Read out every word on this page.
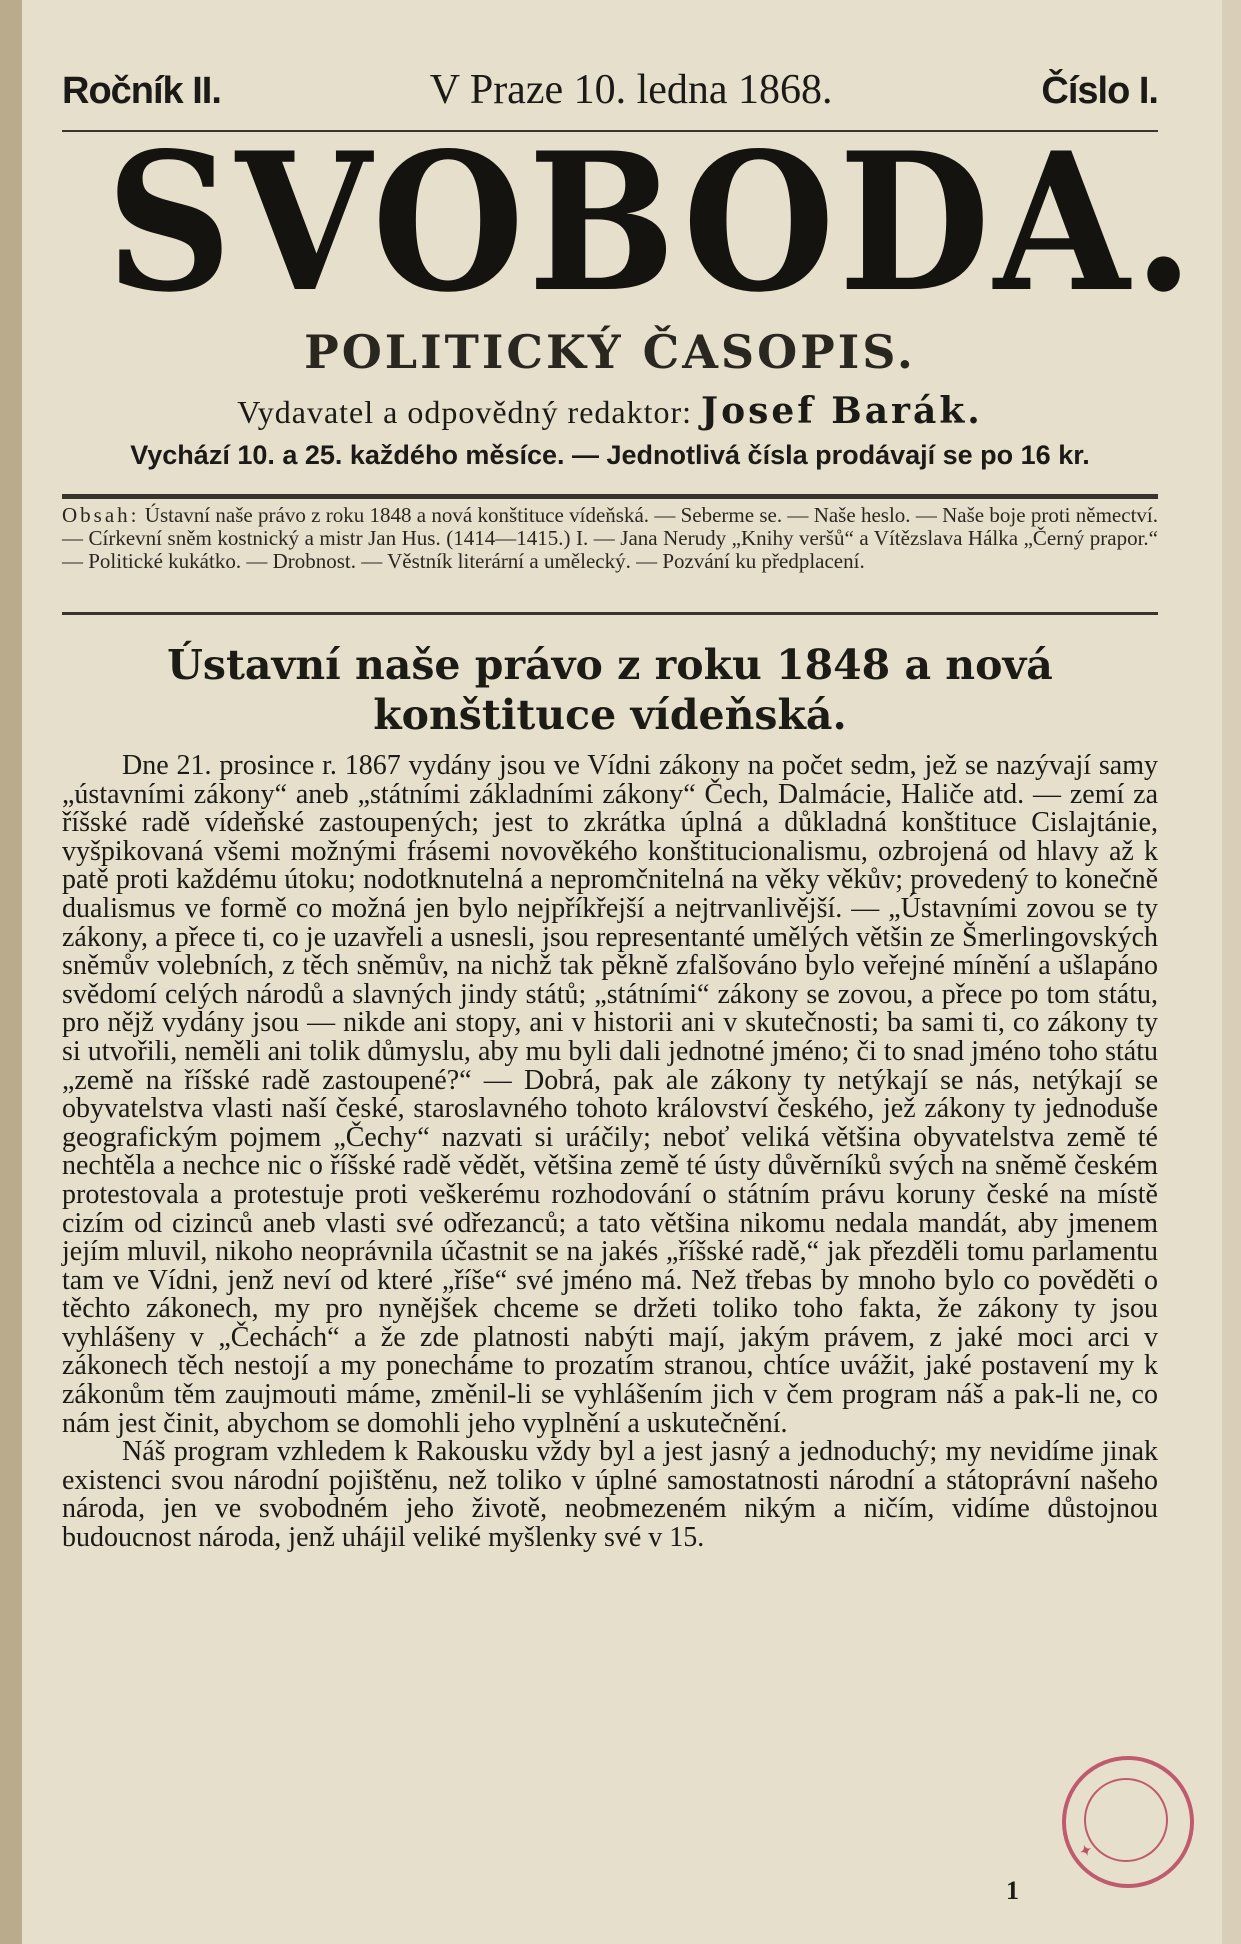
Ročník II.	V Praze 10. ledna 1868.	Číslo I.
SVOBODA.
POLITICKÝ ČASOPIS.
Vydavatel a odpovědný redaktor: Josef Barák.
Vychází 10. a 25. každého měsíce. — Jednotlivá čísla prodávají se po 16 kr.
Obsah: Ústavní naše právo z roku 1848 a nová konštituce vídeňská. — Seberme se. — Naše heslo. — Naše boje proti němectví. — Církevní sněm kostnický a mistr Jan Hus. (1414—1415.) I. — Jana Nerudy „Knihy veršů“ a Vítězslava Hálka „Černý prapor.“ — Politické kukátko. — Drobnost. — Věstník literární a umělecký. — Pozvání ku předplacení.
Ústavní naše právo z roku 1848 a nová konštituce vídeňská.

Dne 21. prosince r. 1867 vydány jsou ve Vídni zákony na počet sedm, jež se nazývají samy „ústavními zákony“ aneb „státními základními zákony“ Čech, Dalmácie, Haliče atd. — zemí za říšské radě vídeňské zastoupených; jest to zkrátka úplná a důkladná konštituce Cislajtánie, vyšpikovaná všemi možnými frásemi novověkého konštitucionalismu, ozbrojená od hlavy až k patě proti každému útoku; nodotknutelná a nepromčnitelná na věky věkův; provedený to konečně dualismus ve formě co možná jen bylo nejpříkřejší a nejtrvanlivější. — „Ústavními zovou se ty zákony, a přece ti, co je uzavřeli a usnesli, jsou representanté umělých většin ze Šmerlingovských sněmův volebních, z těch sněmův, na nichž tak pěkně zfalšováno bylo veřejné mínění a ušlapáno svědomí celých národů a slavných jindy států; „státními“ zákony se zovou, a přece po tom státu, pro nějž vydány jsou — nikde ani stopy, ani v historii ani v skutečnosti; ba sami ti, co zákony ty si utvořili, neměli ani tolik důmyslu, aby mu byli dali jednotné jméno; či to snad jméno toho státu „země na říšské radě zastoupené?“ — Dobrá, pak ale zákony ty netýkají se nás, netýkají se obyvatelstva vlasti naší české, staroslavného tohoto království českého, jež zákony ty jednoduše geografickým pojmem „Čechy“ nazvati si uráčily; neboť veliká většina obyvatelstva země té nechtěla a nechce nic o říšské radě vědět, většina země té ústy důvěrníků svých na sněmě českém protestovala a protestuje proti veškerému rozhodování o státním právu koruny české na místě cizím od cizinců aneb vlasti své odřezanců; a tato většina nikomu nedala mandát, aby jmenem jejím mluvil, nikoho neoprávnila účastnit se na jakés „říšské radě,“ jak přezděli tomu parlamentu tam ve Vídni, jenž neví od které „říše“ své jméno má. Než třebas by mnoho bylo co pověděti o těchto zákonech, my pro nynějšek chceme se držeti toliko toho fakta, že zákony ty jsou vyhlášeny v „Čechách“ a že zde platnosti nabýti mají, jakým právem, z jaké moci arci v zákonech těch nestojí a my ponecháme to prozatím stranou, chtíce uvážit, jaké postavení my k zákonům těm zaujmouti máme, změnil-li se vyhlášením jich v čem program náš a pak-li ne, co nám jest činit, abychom se domohli jeho vyplnění a uskutečnění.

Náš program vzhledem k Rakousku vždy byl a jest jasný a jednoduchý; my nevidíme jinak existenci svou národní pojištěnu, než toliko v úplné samostatnosti národní a státoprávní našeho národa, jen ve svobodném jeho životě, neobmezeném nikým a ničím, vidíme důstojnou budoucnost národa, jenž uhájil veliké myšlenky své v 15.

1
✦
